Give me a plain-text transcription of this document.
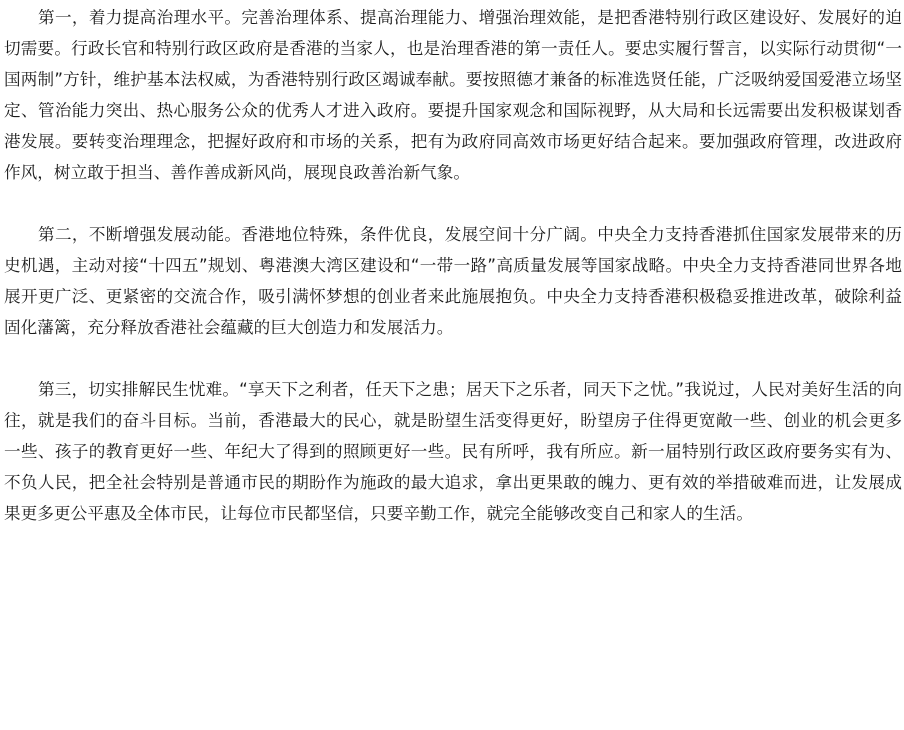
第一，着力提高治理水平。完善治理体系、提高治理能力、增强治理效能，是把香港特别行政区建设好、发展好的迫切需要。行政长官和特别行政区政府是香港的当家人，也是治理香港的第一责任人。要忠实履行誓言，以实际行动贯彻“一国两制”方针，维护基本法权威，为香港特别行政区竭诚奉献。要按照德才兼备的标准选贤任能，广泛吸纳爱国爱港立场坚定、管治能力突出、热心服务公众的优秀人才进入政府。要提升国家观念和国际视野，从大局和长远需要出发积极谋划香港发展。要转变治理理念，把握好政府和市场的关系，把有为政府同高效市场更好结合起来。要加强政府管理，改进政府作风，树立敢于担当、善作善成新风尚，展现良政善治新气象。

第二，不断增强发展动能。香港地位特殊，条件优良，发展空间十分广阔。中央全力支持香港抓住国家发展带来的历史机遇，主动对接“十四五”规划、粤港澳大湾区建设和“一带一路”高质量发展等国家战略。中央全力支持香港同世界各地展开更广泛、更紧密的交流合作，吸引满怀梦想的创业者来此施展抱负。中央全力支持香港积极稳妥推进改革，破除利益固化藩篱，充分释放香港社会蕴藏的巨大创造力和发展活力。

第三，切实排解民生忧难。“享天下之利者，任天下之患；居天下之乐者，同天下之忧。”我说过，人民对美好生活的向往，就是我们的奋斗目标。当前，香港最大的民心，就是盼望生活变得更好，盼望房子住得更宽敞一些、创业的机会更多一些、孩子的教育更好一些、年纪大了得到的照顾更好一些。民有所呼，我有所应。新一届特别行政区政府要务实有为、不负人民，把全社会特别是普通市民的期盼作为施政的最大追求，拿出更果敢的魄力、更有效的举措破难而进，让发展成果更多更公平惠及全体市民，让每位市民都坚信，只要辛勤工作，就完全能够改变自己和家人的生活。
